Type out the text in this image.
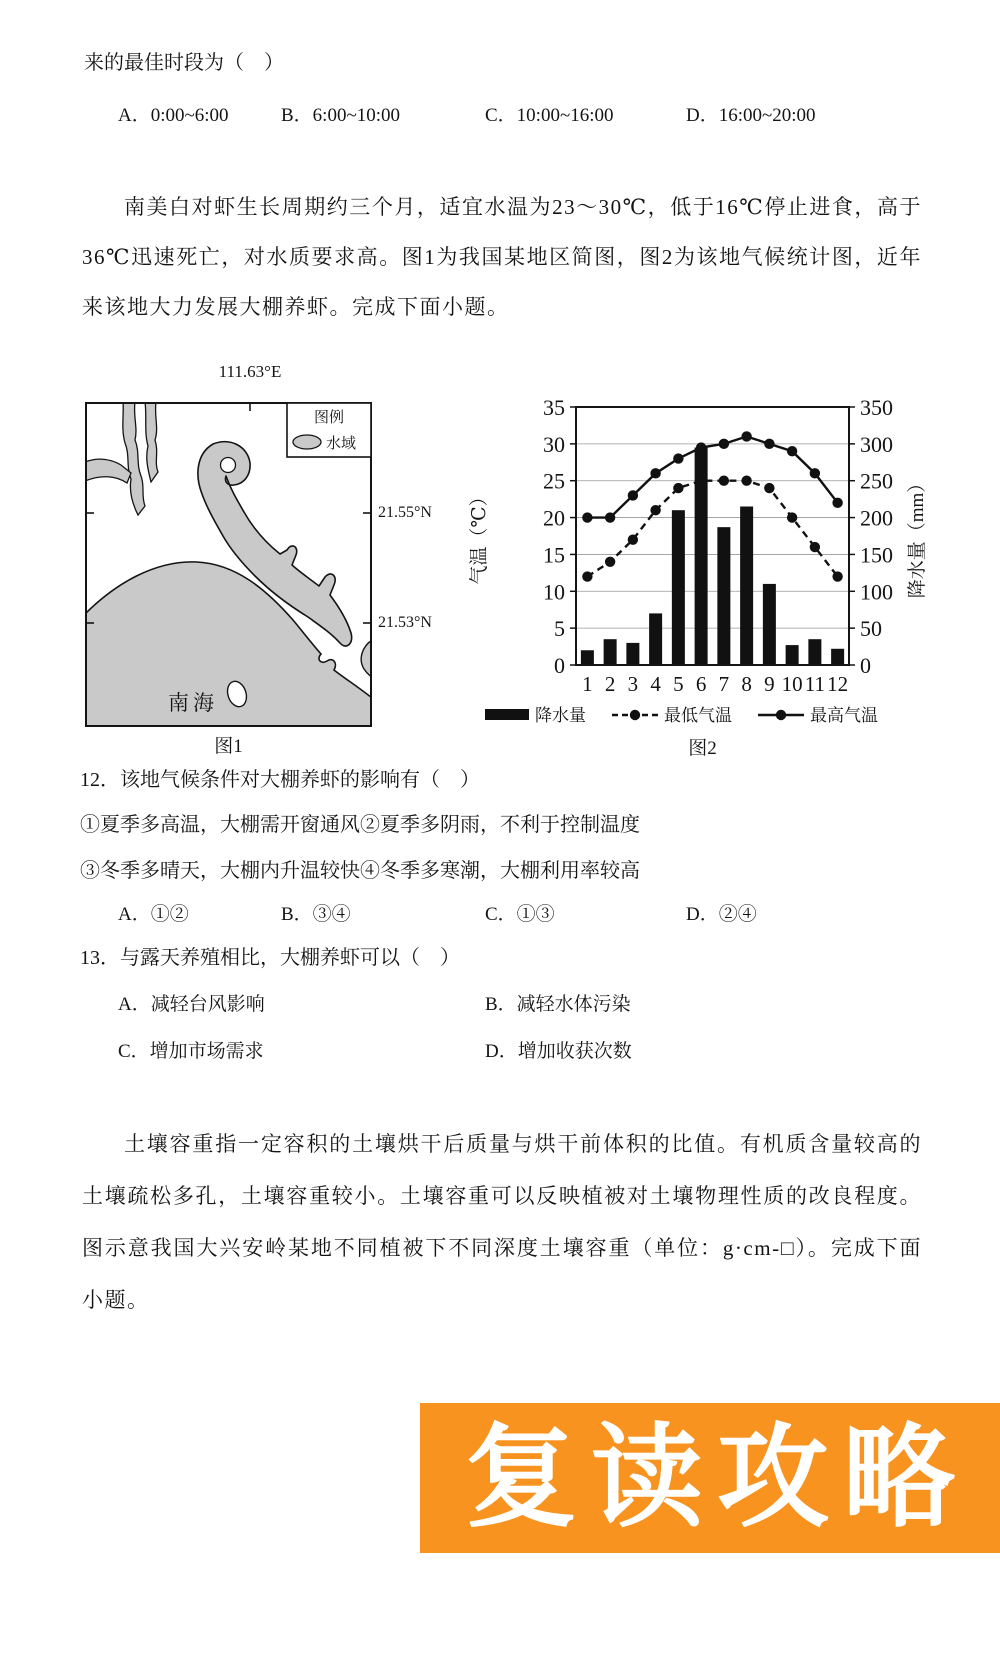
来的最佳时段为（　）
A．0:00~6:00	B．6:00~10:00	C．10:00~16:00	D．16:00~20:00
南美白对虾生长周期约三个月，适宜水温为23～30℃，低于16℃停止进食，高于36℃迅速死亡，对水质要求高。图1为我国某地区简图，图2为该地气候统计图，近年来该地大力发展大棚养虾。完成下面小题。
111.63°E
图例
水域
南海
21.55°N
21.53°N
图1
0
5
10
15
20
25
30
35
0
50
100
150
200
250
300
350
1 2 3 4 5 6 7 8 9 10 11 12
气温（℃）	降水量（mm）
降水量	最低气温	最高气温
图2
12．该地气候条件对大棚养虾的影响有（　）
①夏季多高温，大棚需开窗通风②夏季多阴雨，不利于控制温度
③冬季多晴天，大棚内升温较快④冬季多寒潮，大棚利用率较高
A．①②	B．③④	C．①③	D．②④
13．与露天养殖相比，大棚养虾可以（　）
A．减轻台风影响	B．减轻水体污染
C．增加市场需求	D．增加收获次数
土壤容重指一定容积的土壤烘干后质量与烘干前体积的比值。有机质含量较高的土壤疏松多孔，土壤容重较小。土壤容重可以反映植被对土壤物理性质的改良程度。图示意我国大兴安岭某地不同植被下不同深度土壤容重（单位：g·cm-□）。完成下面小题。
复读攻略
